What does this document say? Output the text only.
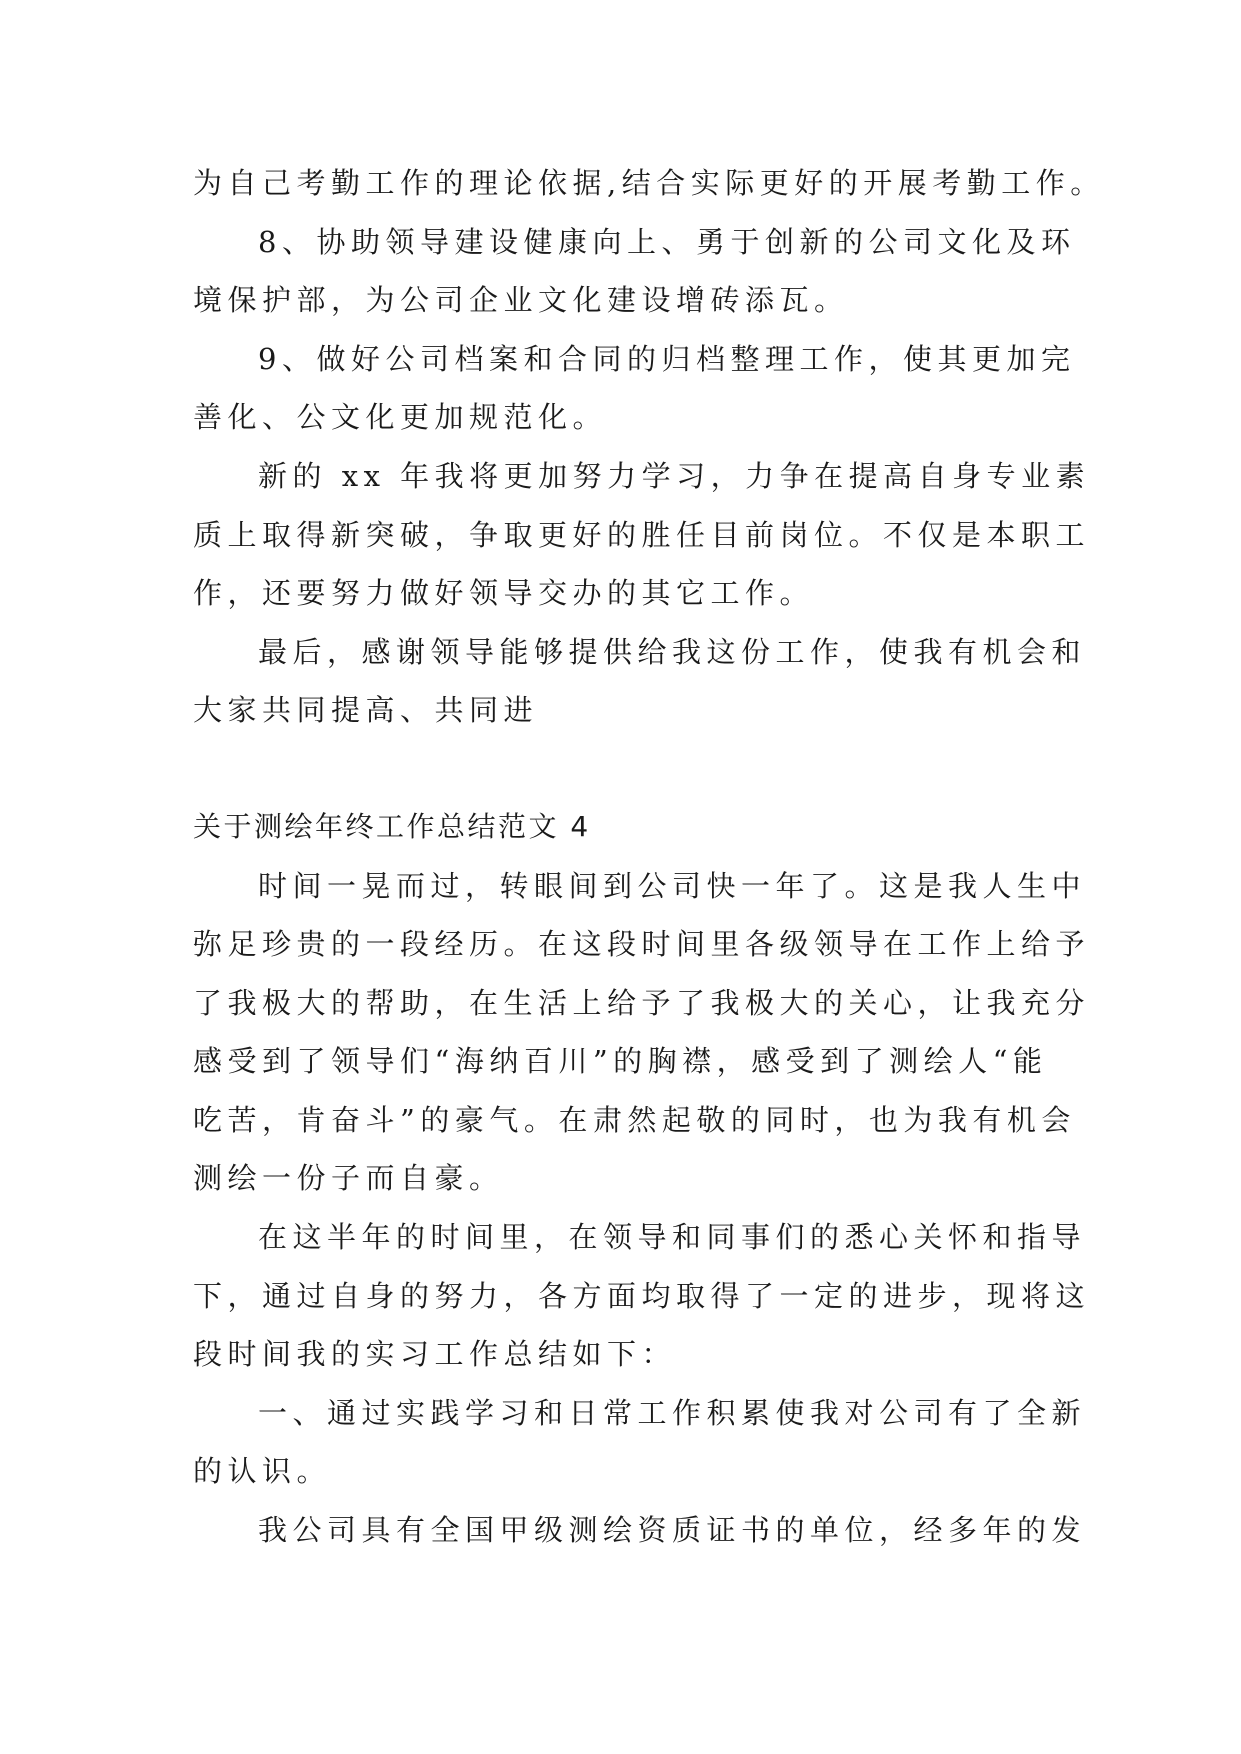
为自己考勤工作的理论依据,结合实际更好的开展考勤工作。
8、协助领导建设健康向上、勇于创新的公司文化及环
境保护部，为公司企业文化建设增砖添瓦。
9、做好公司档案和合同的归档整理工作，使其更加完
善化、公文化更加规范化。
新的 xx 年我将更加努力学习，力争在提高自身专业素
质上取得新突破，争取更好的胜任目前岗位。不仅是本职工
作，还要努力做好领导交办的其它工作。
最后，感谢领导能够提供给我这份工作，使我有机会和
大家共同提高、共同进
关于测绘年终工作总结范文 4
时间一晃而过，转眼间到公司快一年了。这是我人生中
弥足珍贵的一段经历。在这段时间里各级领导在工作上给予
了我极大的帮助，在生活上给予了我极大的关心，让我充分
感受到了领导们“海纳百川”的胸襟，感受到了测绘人“能
吃苦，肯奋斗”的豪气。在肃然起敬的同时，也为我有机会
测绘一份子而自豪。
在这半年的时间里，在领导和同事们的悉心关怀和指导
下，通过自身的努力，各方面均取得了一定的进步，现将这
段时间我的实习工作总结如下：
一、通过实践学习和日常工作积累使我对公司有了全新
的认识。
我公司具有全国甲级测绘资质证书的单位，经多年的发
